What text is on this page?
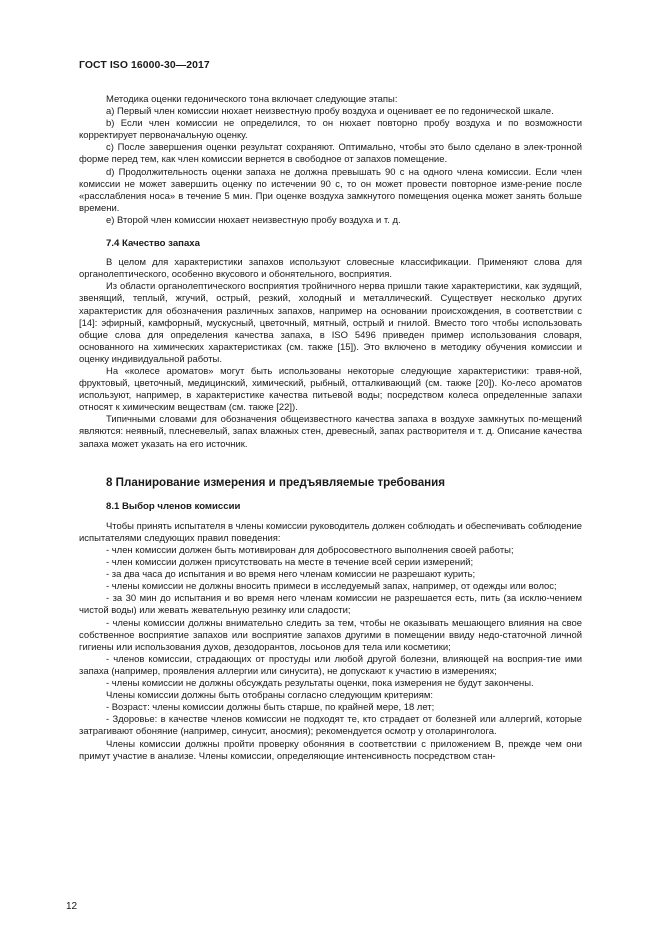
ГОСТ ISO 16000-30—2017

Методика оценки гедонического тона включает следующие этапы:

a) Первый член комиссии нюхает неизвестную пробу воздуха и оценивает ее по гедонической шкале.

b) Если член комиссии не определился, то он нюхает повторно пробу воздуха и по возможности корректирует первоначальную оценку.

c) После завершения оценки результат сохраняют. Оптимально, чтобы это было сделано в элек-тронной форме перед тем, как член комиссии вернется в свободное от запахов помещение.

d) Продолжительность оценки запаха не должна превышать 90 с на одного члена комиссии. Если член комиссии не может завершить оценку по истечении 90 с, то он может провести повторное изме-рение после «расслабления носа» в течение 5 мин. При оценке воздуха замкнутого помещения оценка может занять больше времени.

e) Второй член комиссии нюхает неизвестную пробу воздуха и т. д.

7.4 Качество запаха

В целом для характеристики запахов используют словесные классификации. Применяют слова для органолептического, особенно вкусового и обонятельного, восприятия.

Из области органолептического восприятия тройничного нерва пришли такие характеристики, как зудящий, звенящий, теплый, жгучий, острый, резкий, холодный и металлический. Существует несколько других характеристик для обозначения различных запахов, например на основании происхождения, в соответствии с [14]: эфирный, камфорный, мускусный, цветочный, мятный, острый и гнилой. Вместо того чтобы использовать общие слова для определения качества запаха, в ISO 5496 приведен пример использования словаря, основанного на химических характеристиках (см. также [15]). Это включено в методику обучения комиссии и оценку индивидуальной работы.

На «колесе ароматов» могут быть использованы некоторые следующие характеристики: травя-ной, фруктовый, цветочный, медицинский, химический, рыбный, отталкивающий (см. также [20]). Ко-лесо ароматов используют, например, в характеристике качества питьевой воды; посредством колеса определенные запахи относят к химическим веществам (см. также [22]).

Типичными словами для обозначения общеизвестного качества запаха в воздухе замкнутых по-мещений являются: неявный, плесневелый, запах влажных стен, древесный, запах растворителя и т. д. Описание качества запаха может указать на его источник.

8 Планирование измерения и предъявляемые требования
8.1 Выбор членов комиссии

Чтобы принять испытателя в члены комиссии руководитель должен соблюдать и обеспечивать соблюдение испытателями следующих правил поведения:

- член комиссии должен быть мотивирован для добросовестного выполнения своей работы;

- член комиссии должен присутствовать на месте в течение всей серии измерений;

- за два часа до испытания и во время него членам комиссии не разрешают курить;

- члены комиссии не должны вносить примеси в исследуемый запах, например, от одежды или волос;

- за 30 мин до испытания и во время него членам комиссии не разрешается есть, пить (за исклю-чением чистой воды) или жевать жевательную резинку или сладости;

- члены комиссии должны внимательно следить за тем, чтобы не оказывать мешающего влияния на свое собственное восприятие запахов или восприятие запахов другими в помещении ввиду недо-статочной личной гигиены или использования духов, дезодорантов, лосьонов для тела или косметики;

- членов комиссии, страдающих от простуды или любой другой болезни, влияющей на восприя-тие ими запаха (например, проявления аллергии или синусита), не допускают к участию в измерениях;

- члены комиссии не должны обсуждать результаты оценки, пока измерения не будут закончены.

Члены комиссии должны быть отобраны согласно следующим критериям:

- Возраст: члены комиссии должны быть старше, по крайней мере, 18 лет;

- Здоровье: в качестве членов комиссии не подходят те, кто страдает от болезней или аллергий, которые затрагивают обоняние (например, синусит, аносмия); рекомендуется осмотр у отоларинголога.

Члены комиссии должны пройти проверку обоняния в соответствии с приложением В, прежде чем они примут участие в анализе. Члены комиссии, определяющие интенсивность посредством стан-

12
